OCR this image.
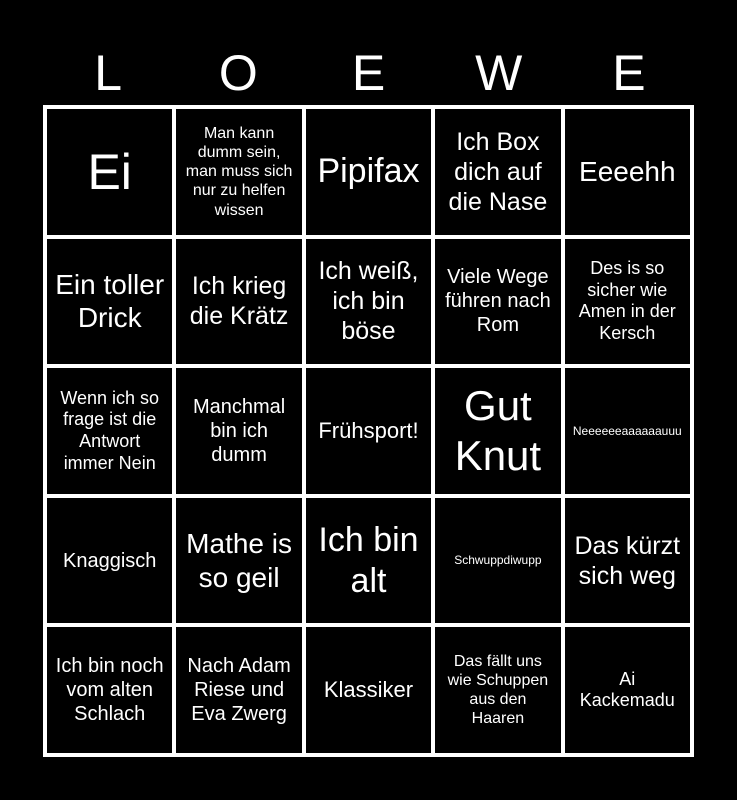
L	O	E	W	E
Ei
Man kann dumm sein, man muss sich nur zu helfen wissen
Pipifax
Ich Box dich auf die Nase
Eeeehh
Ein toller Drick
Ich krieg die Krätz
Ich weiß, ich bin böse
Viele Wege führen nach Rom
Des is so sicher wie Amen in der Kersch
Wenn ich so frage ist die Antwort immer Nein
Manchmal bin ich dumm
Frühsport!
Gut Knut
Neeeeeeaaaaaauuu
Knaggisch
Mathe is so geil
Ich bin alt
Schwuppdiwupp
Das kürzt sich weg
Ich bin noch vom alten Schlach
Nach Adam Riese und Eva Zwerg
Klassiker
Das fällt uns wie Schuppen aus den Haaren
Ai Kackemadu
